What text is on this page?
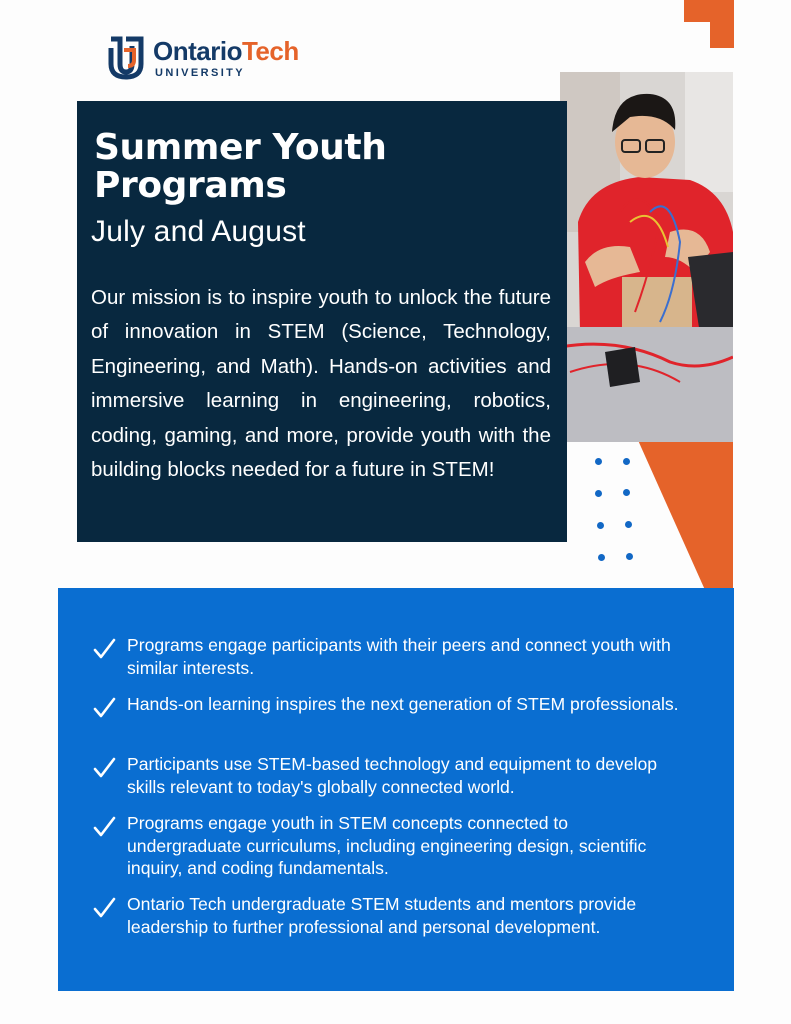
OntarioTech
UNIVERSITY
Summer Youth Programs
July and August

Our mission is to inspire youth to unlock the future of innovation in STEM (Science, Technology, Engineering, and Math). Hands-on activities and immersive learning in engineering, robotics, coding, gaming, and more, provide youth with the building blocks needed for a future in STEM!

Programs engage participants with their peers and connect youth with similar interests.

Hands-on learning inspires the next generation of STEM professionals.

Participants use STEM-based technology and equipment to develop skills relevant to today's globally connected world.

Programs engage youth in STEM concepts connected to undergraduate curriculums, including engineering design, scientific inquiry, and coding fundamentals.

Ontario Tech undergraduate STEM students and mentors provide leadership to further professional and personal development.
